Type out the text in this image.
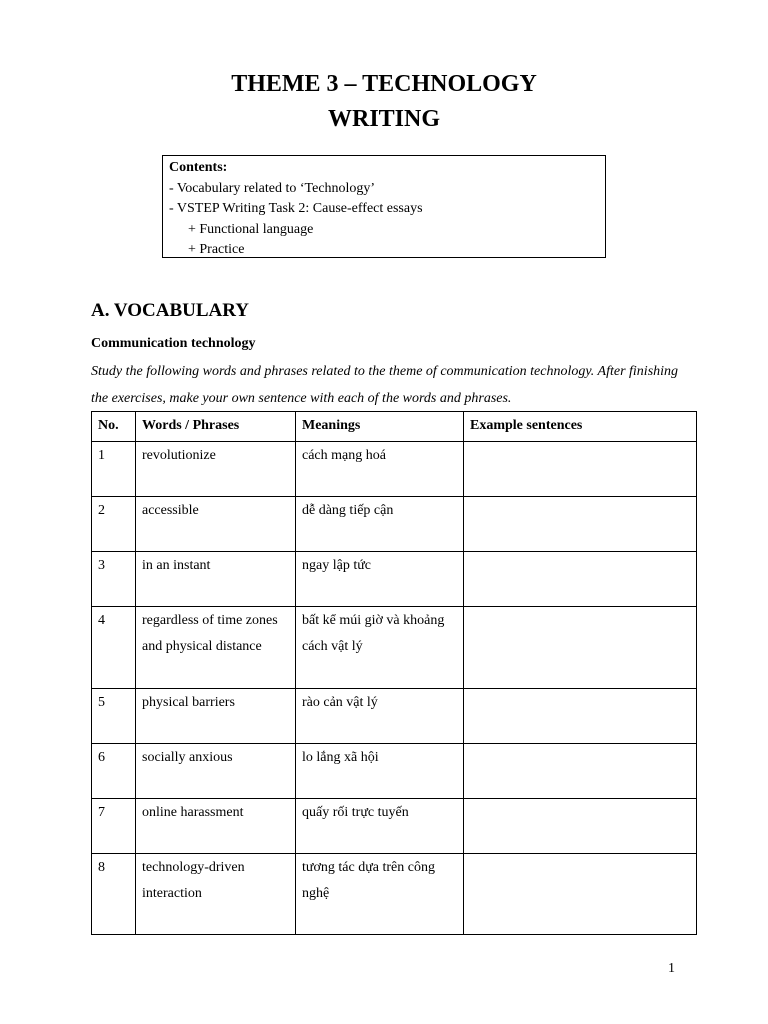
THEME 3 – TECHNOLOGY
WRITING
Contents:
- Vocabulary related to ‘Technology’
- VSTEP Writing Task 2: Cause-effect essays
+ Functional language
+ Practice
A. VOCABULARY
Communication technology
Study the following words and phrases related to the theme of communication technology. After finishing the exercises, make your own sentence with each of the words and phrases.
No.	Words / Phrases	Meanings	Example sentences
1	revolutionize	cách mạng hoá	
2	accessible	dễ dàng tiếp cận	
3	in an instant	ngay lập tức	
4	regardless of time zones and physical distance	bất kể múi giờ và khoảng cách vật lý	
5	physical barriers	rào cản vật lý	
6	socially anxious	lo lắng xã hội	
7	online harassment	quấy rối trực tuyến	
8	technology-driven interaction	tương tác dựa trên công nghệ	
1
